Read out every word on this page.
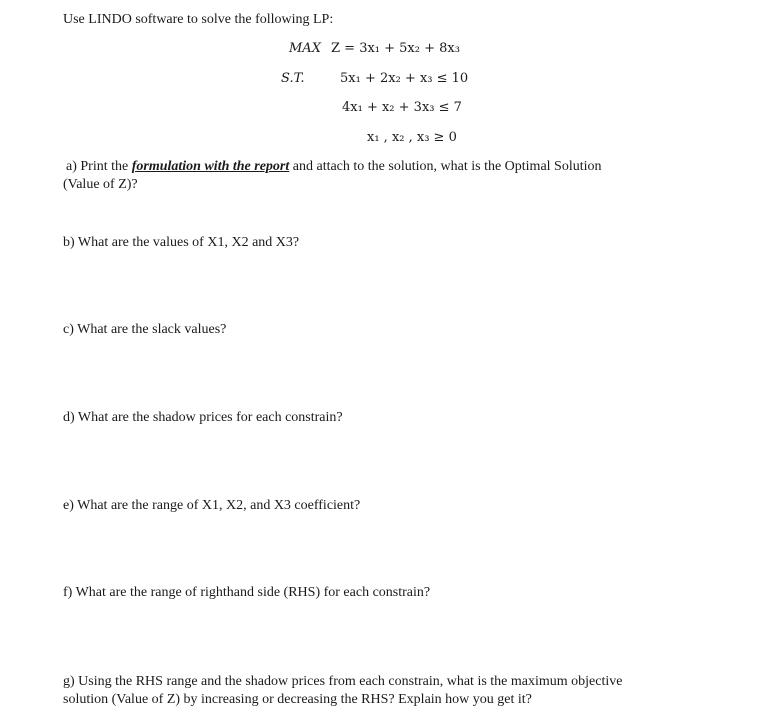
Use LINDO software to solve the following LP:
MAX Z = 3x₁ + 5x₂ + 8x₃
S.T.	5x₁ + 2x₂ + x₃ ≤ 10
4x₁ + x₂ + 3x₃ ≤ 7
x₁ , x₂ , x₃ ≥ 0
a) Print the formulation with the report and attach to the solution, what is the Optimal Solution
(Value of Z)?
b) What are the values of X1, X2 and X3?
c) What are the slack values?
d) What are the shadow prices for each constrain?
e) What are the range of X1, X2, and X3 coefficient?
f) What are the range of righthand side (RHS) for each constrain?
g) Using the RHS range and the shadow prices from each constrain, what is the maximum objective
solution (Value of Z) by increasing or decreasing the RHS? Explain how you get it?
